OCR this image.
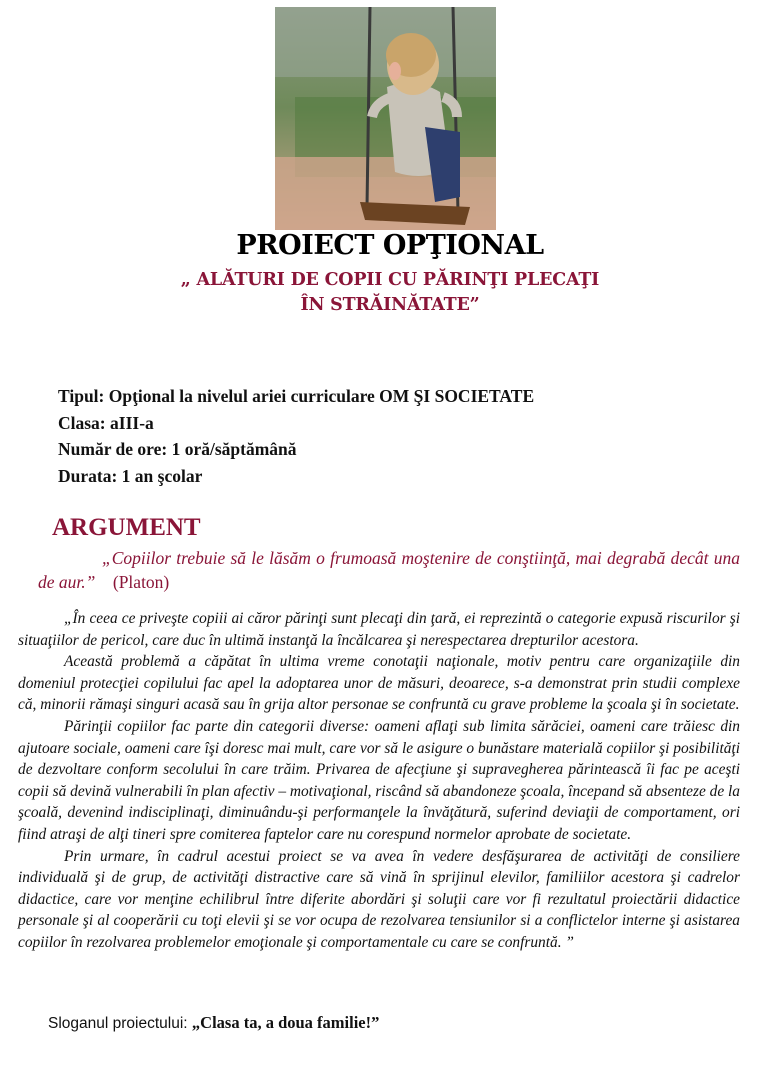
PROIECT OPŢIONAL
„ ALĂTURI DE COPII CU PĂRINŢI PLECAŢI
ÎN STRĂINĂTATE”
Tipul: Opţional la nivelul ariei curriculare OM ŞI SOCIETATE
Clasa: aIII-a
Număr de ore: 1 oră/săptămână
Durata: 1 an şcolar
ARGUMENT
„Copiilor trebuie să le lăsăm o frumoasă moştenire de conştiinţă, mai degrabă decât una de aur.” (Platon)

„În ceea ce priveşte copiii ai căror părinţi sunt plecaţi din ţară, ei reprezintă o categorie expusă riscurilor şi situaţiilor de pericol, care duc în ultimă instanţă la încălcarea şi nerespectarea drepturilor acestora.

Această problemă a căpătat în ultima vreme conotaţii naţionale, motiv pentru care organizaţiile din domeniul protecţiei copilului fac apel la adoptarea unor de măsuri, deoarece, s-a demonstrat prin studii complexe că, minorii rămaşi singuri acasă sau în grija altor personae se confruntă cu grave probleme la şcoala şi în societate.

Părinţii copiilor fac parte din categorii diverse: oameni aflaţi sub limita sărăciei, oameni care trăiesc din ajutoare sociale, oameni care îşi doresc mai mult, care vor să le asigure o bunăstare materială copiilor şi posibilităţi de dezvoltare conform secolului în care trăim. Privarea de afecţiune şi supravegherea părintească îi fac pe aceşti copii să devină vulnerabili în plan afectiv – motivaţional, riscând să abandoneze şcoala, începand să absenteze de la şcoală, devenind indisciplinaţi, diminuându-şi performanţele la învăţătură, suferind deviaţii de comportament, ori fiind atraşi de alţi tineri spre comiterea faptelor care nu corespund normelor aprobate de societate.

Prin urmare, în cadrul acestui proiect se va avea în vedere desfăşurarea de activităţi de consiliere individuală şi de grup, de activităţi distractive care să vină în sprijinul elevilor, familiilor acestora şi cadrelor didactice, care vor menţine echilibrul între diferite abordări şi soluţii care vor fi rezultatul proiectării didactice personale şi al cooperării cu toţi elevii şi se vor ocupa de rezolvarea tensiunilor si a conflictelor interne şi asistarea copiilor în rezolvarea problemelor emoţionale şi comportamentale cu care se confruntă. ”

Sloganul proiectului: „Clasa ta, a doua familie!”
